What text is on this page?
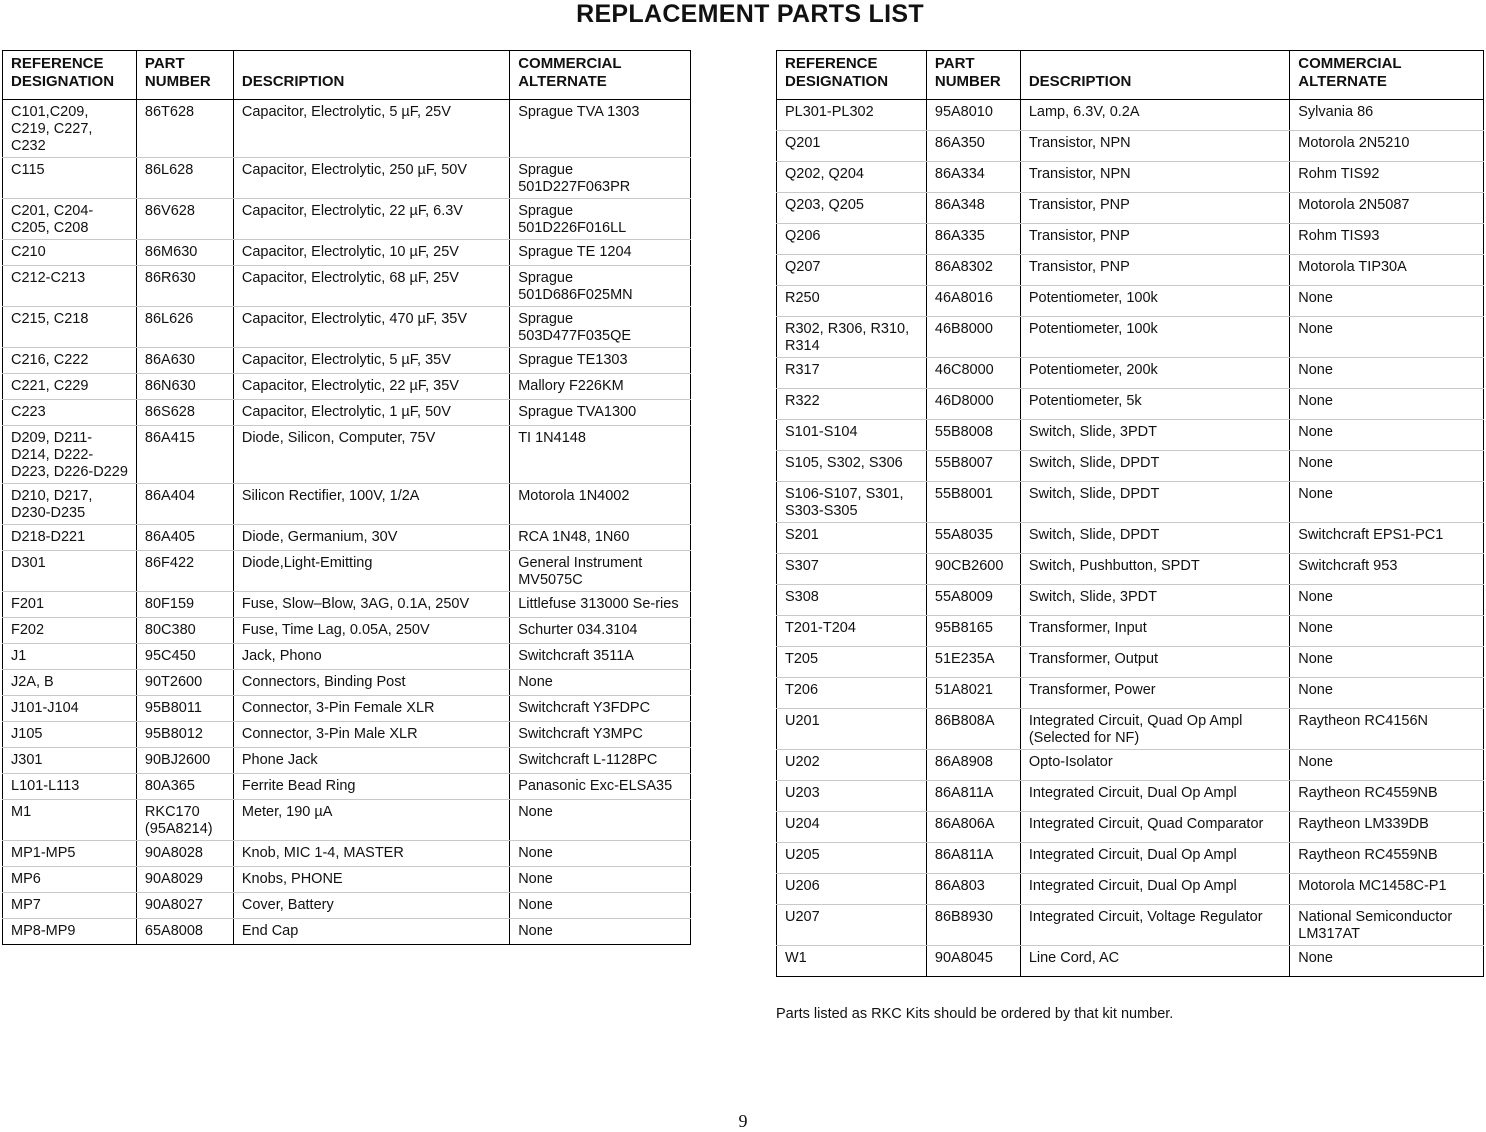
REPLACEMENT PARTS LIST
REFERENCE DESIGNATION	PART NUMBER	DESCRIPTION	COMMERCIAL ALTERNATE
C101,C209, C219, C227, C232	86T628	Capacitor, Electrolytic, 5 µF, 25V	Sprague TVA 1303
C115	86L628	Capacitor, Electrolytic, 250 µF, 50V	Sprague 501D227F063PR
C201, C204-C205, C208	86V628	Capacitor, Electrolytic, 22 µF, 6.3V	Sprague 501D226F016LL
C210	86M630	Capacitor, Electrolytic, 10 µF, 25V	Sprague TE 1204
C212-C213	86R630	Capacitor, Electrolytic, 68 µF, 25V	Sprague 501D686F025MN
C215, C218	86L626	Capacitor, Electrolytic, 470 µF, 35V	Sprague 503D477F035QE
C216, C222	86A630	Capacitor, Electrolytic, 5 µF, 35V	Sprague TE1303
C221, C229	86N630	Capacitor, Electrolytic, 22 µF, 35V	Mallory F226KM
C223	86S628	Capacitor, Electrolytic, 1 µF, 50V	Sprague TVA1300
D209, D211-D214, D222-D223, D226-D229	86A415	Diode, Silicon, Computer, 75V	TI 1N4148
D210, D217, D230-D235	86A404	Silicon Rectifier, 100V, 1/2A	Motorola 1N4002
D218-D221	86A405	Diode, Germanium, 30V	RCA 1N48, 1N60
D301	86F422	Diode,Light-Emitting	General Instrument MV5075C
F201	80F159	Fuse, Slow–Blow, 3AG, 0.1A, 250V	Littlefuse 313000 Se-ries
F202	80C380	Fuse, Time Lag, 0.05A, 250V	Schurter 034.3104
J1	95C450	Jack, Phono	Switchcraft 3511A
J2A, B	90T2600	Connectors, Binding Post	None
J101-J104	95B8011	Connector, 3-Pin Female XLR	Switchcraft Y3FDPC
J105	95B8012	Connector, 3-Pin Male XLR	Switchcraft Y3MPC
J301	90BJ2600	Phone Jack	Switchcraft L-1128PC
L101-L113	80A365	Ferrite Bead Ring	Panasonic Exc-ELSA35
M1	RKC170 (95A8214)	Meter, 190 µA	None
MP1-MP5	90A8028	Knob, MIC 1-4, MASTER	None
MP6	90A8029	Knobs, PHONE	None
MP7	90A8027	Cover, Battery	None
MP8-MP9	65A8008	End Cap	None
REFERENCE DESIGNATION	PART NUMBER	DESCRIPTION	COMMERCIAL ALTERNATE
PL301-PL302	95A8010	Lamp, 6.3V, 0.2A	Sylvania 86
Q201	86A350	Transistor, NPN	Motorola 2N5210
Q202, Q204	86A334	Transistor, NPN	Rohm TIS92
Q203, Q205	86A348	Transistor, PNP	Motorola 2N5087
Q206	86A335	Transistor, PNP	Rohm TIS93
Q207	86A8302	Transistor, PNP	Motorola TIP30A
R250	46A8016	Potentiometer, 100k	None
R302, R306, R310, R314	46B8000	Potentiometer, 100k	None
R317	46C8000	Potentiometer, 200k	None
R322	46D8000	Potentiometer, 5k	None
S101-S104	55B8008	Switch, Slide, 3PDT	None
S105, S302, S306	55B8007	Switch, Slide, DPDT	None
S106-S107, S301, S303-S305	55B8001	Switch, Slide, DPDT	None
S201	55A8035	Switch, Slide, DPDT	Switchcraft EPS1-PC1
S307	90CB2600	Switch, Pushbutton, SPDT	Switchcraft 953
S308	55A8009	Switch, Slide, 3PDT	None
T201-T204	95B8165	Transformer, Input	None
T205	51E235A	Transformer, Output	None
T206	51A8021	Transformer, Power	None
U201	86B808A	Integrated Circuit, Quad Op Ampl (Selected for NF)	Raytheon RC4156N
U202	86A8908	Opto-Isolator	None
U203	86A811A	Integrated Circuit, Dual Op Ampl	Raytheon RC4559NB
U204	86A806A	Integrated Circuit, Quad Comparator	Raytheon LM339DB
U205	86A811A	Integrated Circuit, Dual Op Ampl	Raytheon RC4559NB
U206	86A803	Integrated Circuit, Dual Op Ampl	Motorola MC1458C-P1
U207	86B8930	Integrated Circuit, Voltage Regulator	National Semiconductor LM317AT
W1	90A8045	Line Cord, AC	None
Parts listed as RKC Kits should be ordered by that kit number.
9
